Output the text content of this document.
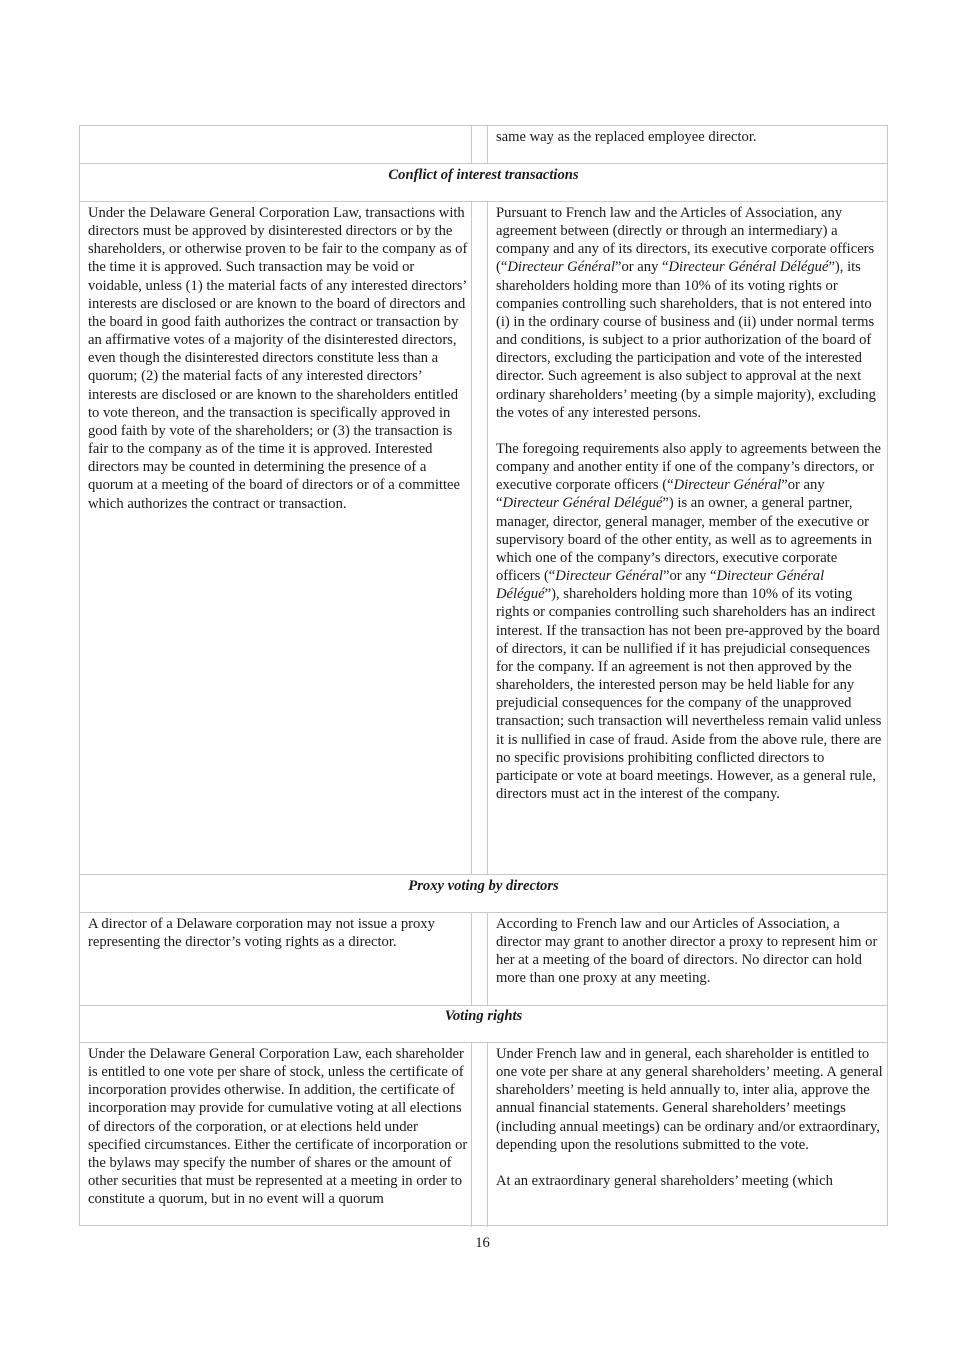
same way as the replaced employee director.
Conflict of interest transactions
Under the Delaware General Corporation Law, transactions with directors must be approved by disinterested directors or by the shareholders, or otherwise proven to be fair to the company as of the time it is approved. Such transaction may be void or voidable, unless (1) the material facts of any interested directors’ interests are disclosed or are known to the board of directors and the board in good faith authorizes the contract or transaction by an affirmative votes of a majority of the disinterested directors, even though the disinterested directors constitute less than a quorum; (2) the material facts of any interested directors’ interests are disclosed or are known to the shareholders entitled to vote thereon, and the transaction is specifically approved in good faith by vote of the shareholders; or (3) the transaction is fair to the company as of the time it is approved. Interested directors may be counted in determining the presence of a quorum at a meeting of the board of directors or of a committee which authorizes the contract or transaction.

Pursuant to French law and the Articles of Association, any agreement between (directly or through an intermediary) a company and any of its directors, its executive corporate officers (“Directeur Général”or any “Directeur Général Délégué”), its shareholders holding more than 10% of its voting rights or companies controlling such shareholders, that is not entered into (i) in the ordinary course of business and (ii) under normal terms and conditions, is subject to a prior authorization of the board of directors, excluding the participation and vote of the interested director. Such agreement is also subject to approval at the next ordinary shareholders’ meeting (by a simple majority), excluding the votes of any interested persons.

The foregoing requirements also apply to agreements between the company and another entity if one of the company’s directors, or executive corporate officers (“Directeur Général”or any “Directeur Général Délégué”) is an owner, a general partner, manager, director, general manager, member of the executive or supervisory board of the other entity, as well as to agreements in which one of the company’s directors, executive corporate officers (“Directeur Général”or any “Directeur Général Délégué”), shareholders holding more than 10% of its voting rights or companies controlling such shareholders has an indirect interest. If the transaction has not been pre-approved by the board of directors, it can be nullified if it has prejudicial consequences for the company. If an agreement is not then approved by the shareholders, the interested person may be held liable for any prejudicial consequences for the company of the unapproved transaction; such transaction will nevertheless remain valid unless it is nullified in case of fraud. Aside from the above rule, there are no specific provisions prohibiting conflicted directors to participate or vote at board meetings. However, as a general rule, directors must act in the interest of the company.

Proxy voting by directors
A director of a Delaware corporation may not issue a proxy representing the director’s voting rights as a director.
According to French law and our Articles of Association, a director may grant to another director a proxy to represent him or her at a meeting of the board of directors. No director can hold more than one proxy at any meeting.
Voting rights
Under the Delaware General Corporation Law, each shareholder is entitled to one vote per share of stock, unless the certificate of incorporation provides otherwise. In addition, the certificate of incorporation may provide for cumulative voting at all elections of directors of the corporation, or at elections held under specified circumstances. Either the certificate of incorporation or the bylaws may specify the number of shares or the amount of other securities that must be represented at a meeting in order to constitute a quorum, but in no event will a quorum

Under French law and in general, each shareholder is entitled to one vote per share at any general shareholders’ meeting. A general shareholders’ meeting is held annually to, inter alia, approve the annual financial statements. General shareholders’ meetings (including annual meetings) can be ordinary and/or extraordinary, depending upon the resolutions submitted to the vote.

At an extraordinary general shareholders’ meeting (which

16
